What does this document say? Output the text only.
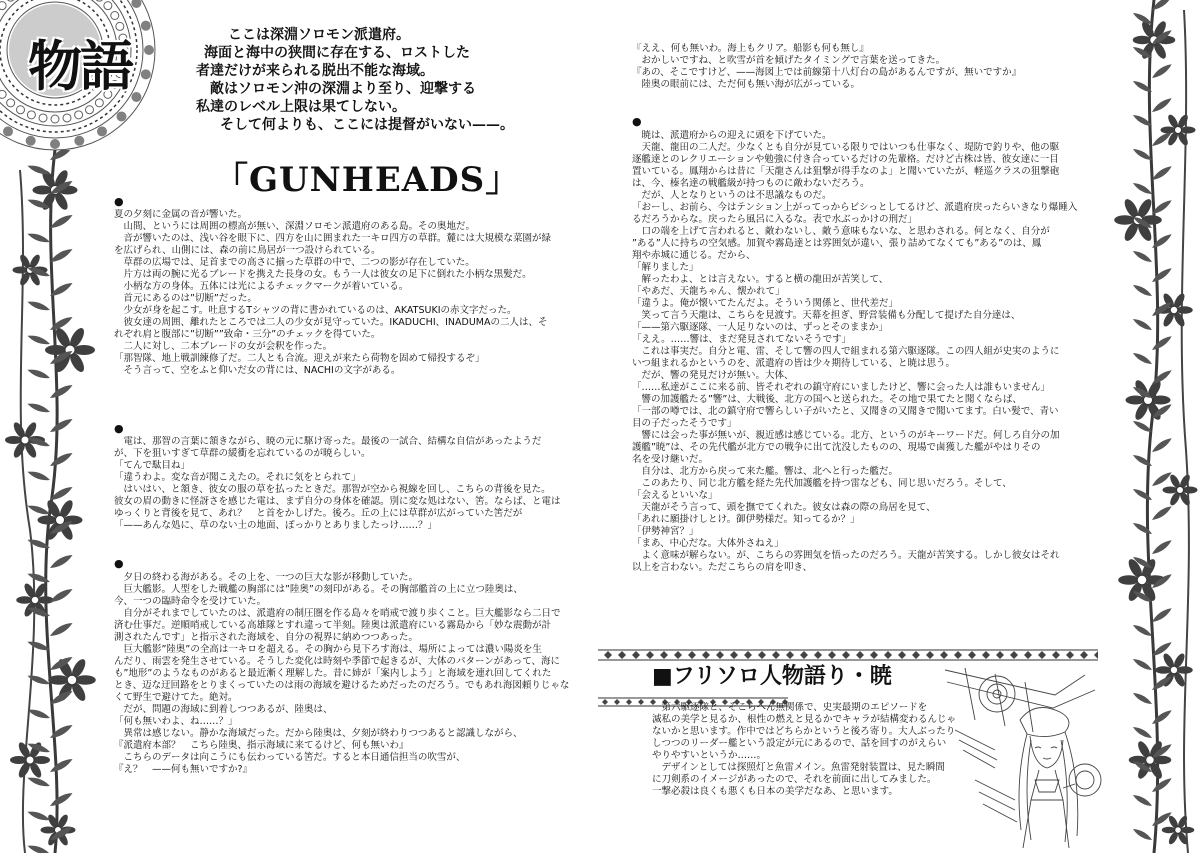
物語	ここは深淵ソロモン派遣府。
海面と海中の狭間に存在する、ロストした
者達だけが来られる脱出不能な海域。
敵はソロモン沖の深淵より至り、迎撃する
私達のレベル上限は果てしない。
そして何よりも、ここには提督がいない——。
「GUNHEADS」
●
夏の夕刻に金属の音が響いた。
　山間、というには周囲の標高が無い、深淵ソロモン派遣府のある島。その奥地だ。
　音が響いたのは、浅い谷を眼下に、四方を山に囲まれた一キロ四方の草群。麓には大規模な菜園が緑
を広げられ、山側には、森の前に鳥居が一つ設けられている。
　草群の広場では、足首までの高さに揃った草群の中で、二つの影が存在していた。
　片方は両の腕に光るブレードを携えた長身の女。もう一人は彼女の足下に倒れた小柄な黒髪だ。
　小柄な方の身体。五体には光によるチェックマークが着いている。
　首元にあるのは”切断”だった。
　少女が身を起こす。吐息するTシャツの背に書かれているのは、AKATSUKIの赤文字だった。
　彼女達の周囲、離れたところでは二人の少女が見守っていた。IKADUCHI、INADUMAの二人は、そ
れぞれ肩と腹部に”切断””致命・三分”のチェックを得ていた。
　二人に対し、二本ブレードの女が会釈を作った。
「那智隊、地上戦訓練修了だ。二人とも合流。迎えが来たら荷物を固めて帰投するぞ」
　そう言って、空をふと仰いだ女の背には、NACHIの文字がある。
●
　電は、那智の言葉に頷きながら、暁の元に駆け寄った。最後の一試合、結構な自信があったようだ
が、下を狙いすぎて草群の緩衝を忘れているのが暁らしい。
「てんで駄目ね」
「違うわよ。変な音が聞こえたの。それに気をとられて」
　はいはい、と頷き、彼女の服の草を払ったときだ。那智が空から視線を回し、こちらの背後を見た。
彼女の眉の動きに怪訝さを感じた電は、まず自分の身体を確認。別に変な処はない、筈。ならば、と電は
ゆっくりと背後を見て、あれ？　と首をかしげた。後ろ。丘の上には草群が広がっていた筈だが
「——あんな処に、草のない土の地面、ぽっかりとありましたっけ……？」
●
　夕日の終わる海がある。その上を、一つの巨大な影が移動していた。
　巨大艦影。人型をした戦艦の胸部には”陸奥”の刻印がある。その胸部艦首の上に立つ陸奥は、
今、一つの臨時命令を受けていた。
　自分がそれまでしていたのは、派遣府の制圧圏を作る島々を哨戒で渡り歩くこと。巨大艦影なら二日で
済む仕事だ。逆順哨戒している高雄隊とすれ違って半刻。陸奥は派遣府にいる霧島から「妙な震動が計
測されたんです」と指示された海域を、自分の視界に納めつつあった。
　巨大艦影”陸奥”の全高は一キロを超える。その胸から見下ろす海は、場所によっては濃い陽炎を生
んだり、雨雲を発生させている。そうした変化は時刻や季節で起きるが、大体のパターンがあって、海に
も”地形”のようなものがあると最近漸く理解した。昔に姉が「案内しよう」と海域を連れ回してくれた
とき、迈な迂回路をとりまくっていたのは雨の海域を避けるためだったのだろう。でもあれ海図頼りじゃな
くて野生で避けてた。絶対。
　だが、問題の海域に到着しつつあるが、陸奥は、
「何も無いわよ、ね……？」
　異常は感じない。静かな海域だった。だから陸奥は、夕刻が終わりつつあると認識しながら、
『派遣府本部？　こちら陸奥、指示海域に来てるけど、何も無いわ』
　こちらのデータは向こうにも伝わっている筈だ。すると本日通信担当の吹雪が、
『え？　——何も無いですか?』
『ええ、何も無いわ。海上もクリア。船影も何も無し』
　おかしいですね、と吹雪が首を傾げたタイミングで言葉を送ってきた。
『あの、そこですけど、——海図上では前線第十八灯台の島があるんですが、無いですか』
　陸奥の眼前には、ただ何も無い海が広がっている。
●
　暁は、派遣府からの迎えに頭を下げていた。
　天龍、龍田の二人だ。少なくとも自分が見ている限りではいつも仕事なく、堤防で釣りや、他の駆
逐艦達とのレクリエーションや勉強に付き合っているだけの先輩格。だけど古株は皆、彼女達に一目
置いている。鳳翔からは昔に「天龍さんは狙撃が得手なのよ」と聞いていたが、軽巡クラスの狙撃砲
は、今、榛名達の戦艦級が持つものに敵わないだろう。
　だが、人となりというのは不思議なものだ。
「おーし、お前ら、今はテンション上がってっからビシっとしてるけど、派遣府戻ったらいきなり爆睡入
るだろうからな。戻ったら風呂に入るな。表で水ぶっかけの刑だ」
　口の端を上げて言われると、敵わないし、敵う意味もないな、と思わされる。何となく、自分が
”ある”人に持ちの空気感。加賀や霧島達とは雰囲気が違い、張り詰めてなくても”ある”のは、鳳
翔や赤城に通じる。だから、
「解りました」
　解ったわよ、とは言えない。すると横の龍田が苦笑して、
「やあだ、天龍ちゃん、懐かれて」
「違うよ。俺が懐いてたんだよ。そういう関係と、世代差だ」
　笑って言う天龍は、こちらを見渡す。天幕を担ぎ、野営装備も分配して提げた自分達は、
「——第六駆逐隊、一人足りないのは、ずっとそのままか」
「ええ。……響は、まだ発見されてないそうです」
　これは事実だ。自分と電、雷、そして響の四人で組まれる第六駆逐隊。この四人組が史実のように
いつ組まれるかというのを、派遣府の皆は少々期待している、と暁は思う。
　だが、響の発見だけが無い。大体、
「……私達がここに来る前、皆それぞれの鎮守府にいましたけど、響に会った人は誰もいません」
　響の加護艦たる”響”は、大戦後、北方の国へと送られた。その地で果てたと聞くならば、
「一部の噂では、北の鎮守府で響らしい子がいたと、又聞きの又聞きで聞いてます。白い髪で、青い
目の子だったそうです」
　響には会った事が無いが、親近感は感じている。北方、というのがキーワードだ。何しろ自分の加
護艦”暁”は、その先代艦が北方での戦争に出て沈没したものの、現場で鹵獲した艦がやはりその
名を受け継いだ。
　自分は、北方から戻って来た艦。響は、北へと行った艦だ。
　このあたり、同じ北方艦を経た先代加護艦を持つ雷なども、同じ思いだろう。そして、
「会えるといいな」
　天龍がそう言って、頭を撫でてくれた。彼女は森の際の鳥居を見て、
「あれに願掛けしとけ。御伊勢様だ。知ってるか？」
「伊勢神宮？」
「まあ、中心だな。大体外さねえ」
　よく意味が解らない。が、こちらの雰囲気を悟ったのだろう。天龍が苦笑する。しかし彼女はそれ
以上を言わない。ただこちらの肩を叩き、
■フリソロ人物語り・暁
　第六駆逐隊と、そこらへん無関係で、史実最期のエピソードを
滅私の美学と見るか、根性の燃えと見るかでキャラが結構変わるんじゃ
ないかと思います。作中ではどちらかというと後ろ寄り。大人ぶったり
しつつのリーダー艦という設定が元にあるので、話を回すのがえらい
やりやすいというか……。
　デザインとしては探照灯と魚雷メイン。魚雷発射装置は、見た瞬間
に刀剣系のイメージがあったので、それを前面に出してみました。
一撃必殺は良くも悪くも日本の美学だなあ、と思います。
